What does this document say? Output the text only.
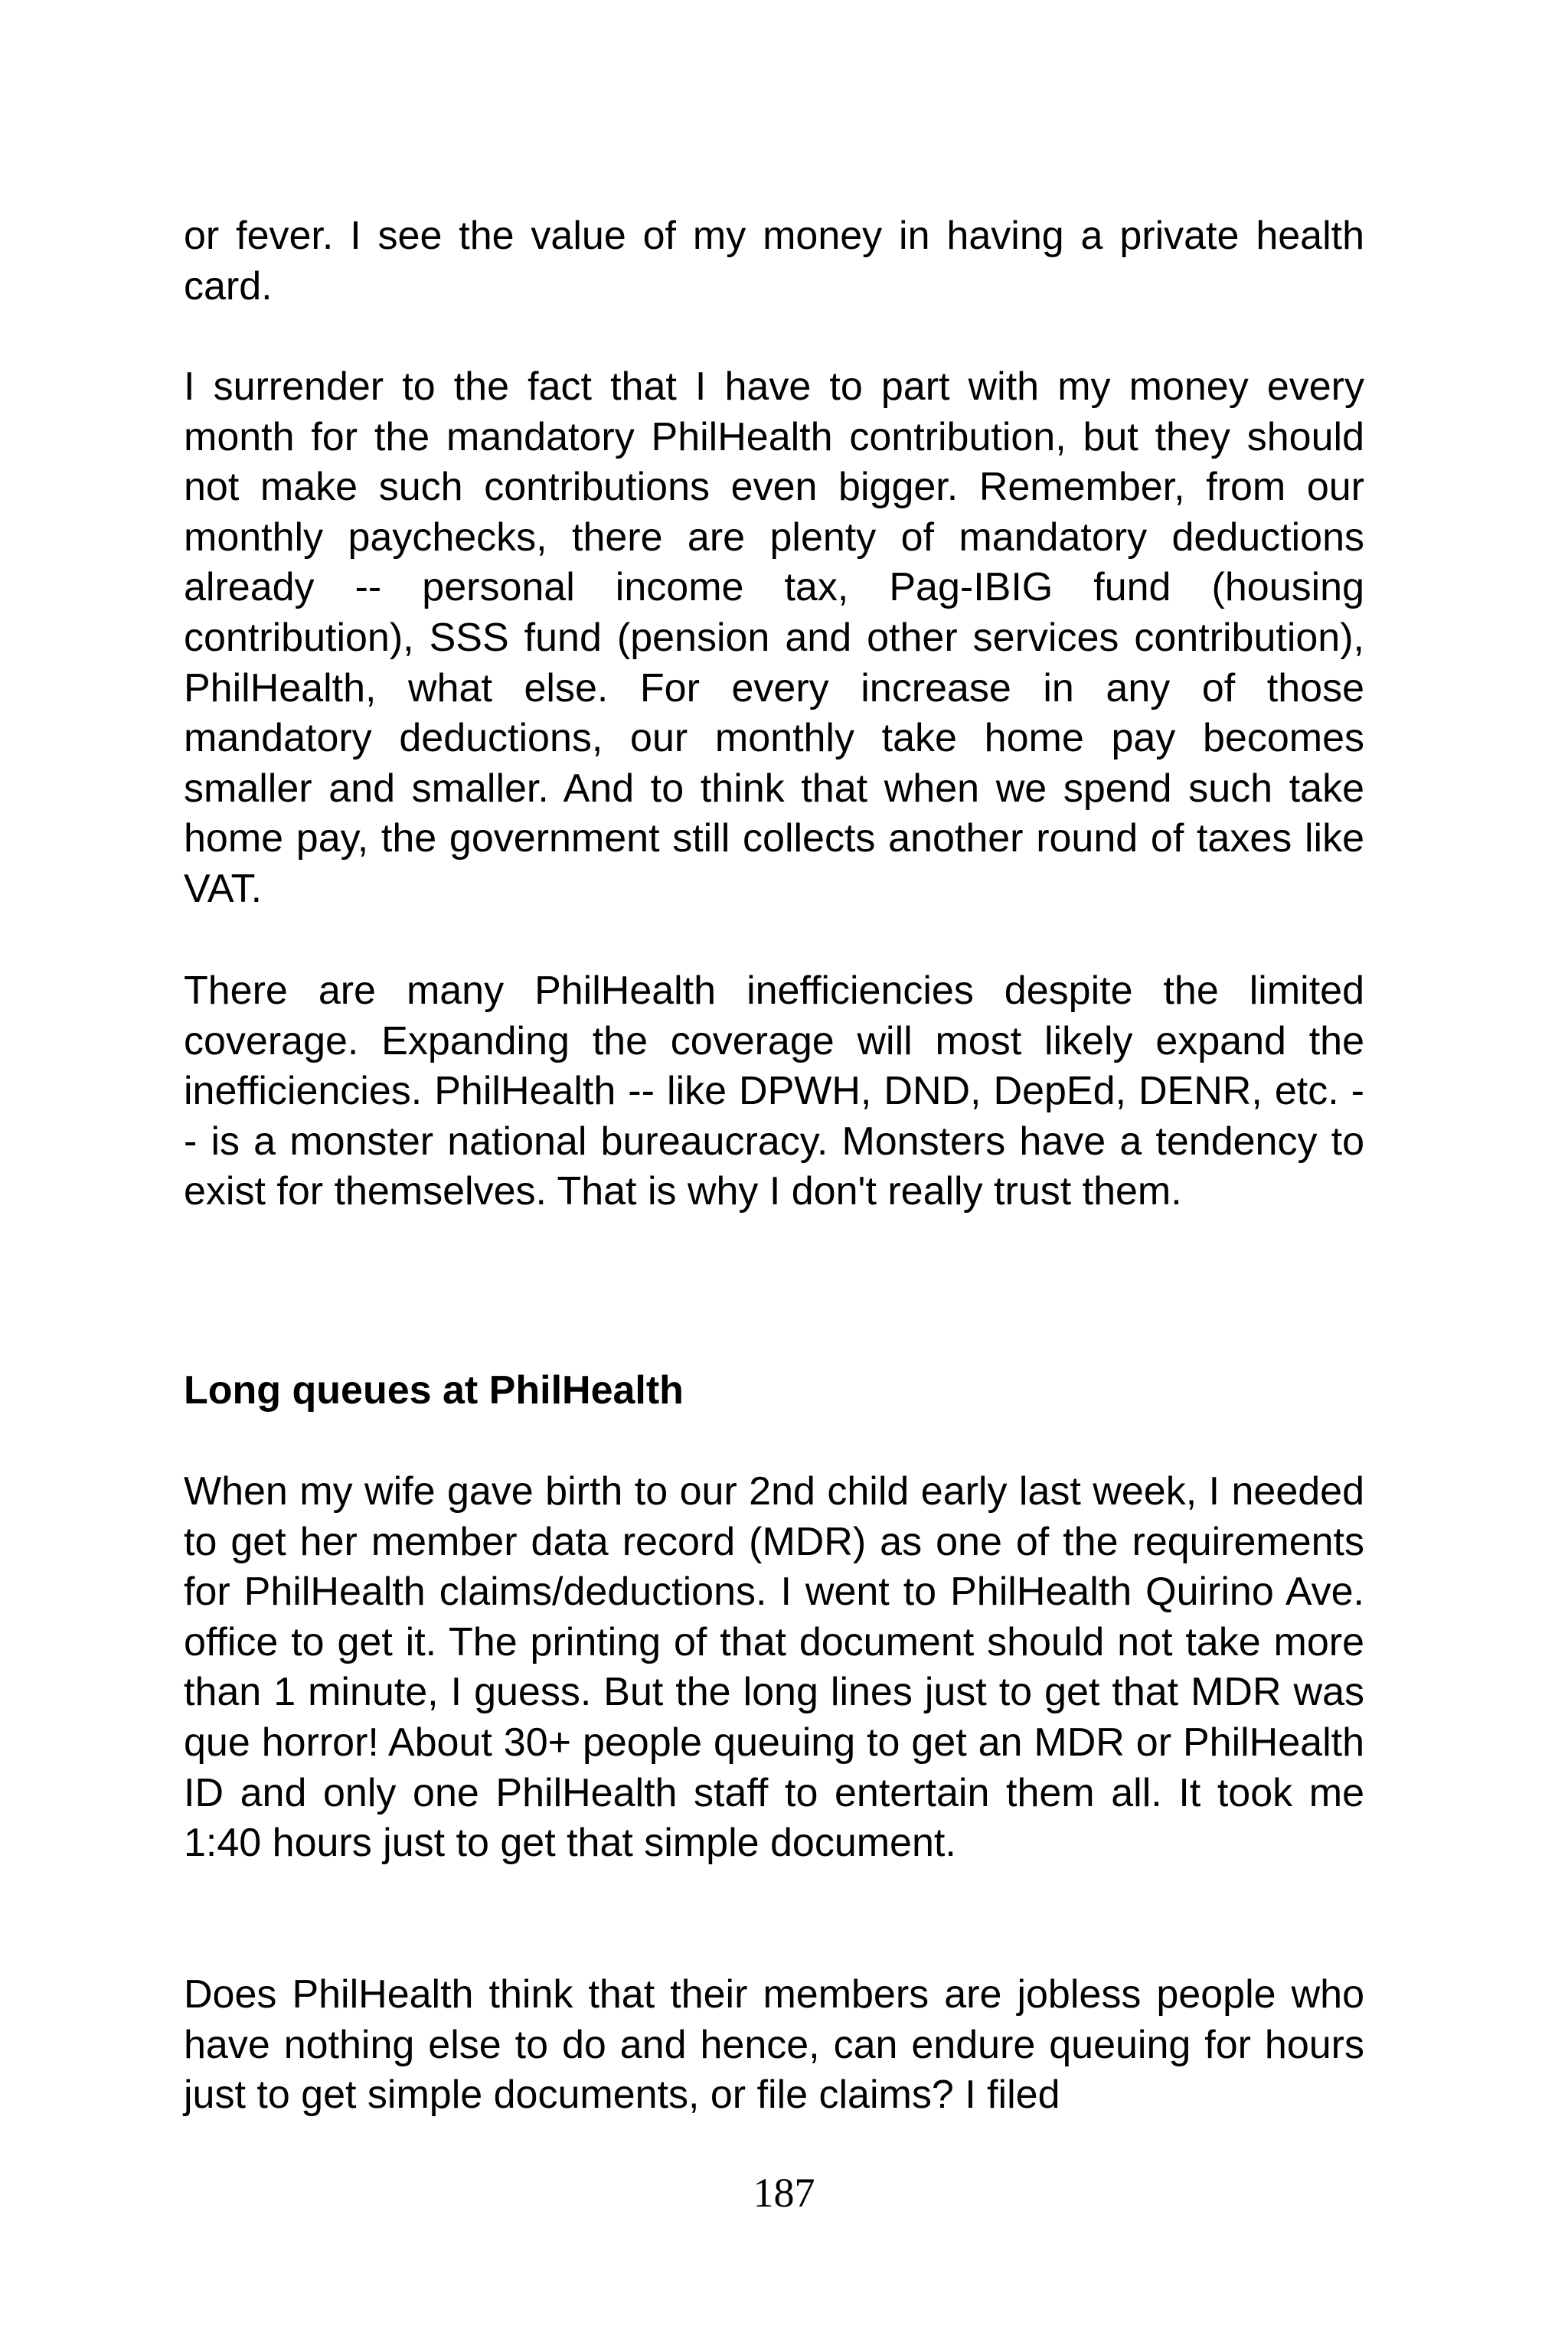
or fever. I see the value of my money in having a private health card.

I surrender to the fact that I have to part with my money every month for the mandatory PhilHealth contribution, but they should not make such contributions even bigger. Remember, from our monthly paychecks, there are plenty of mandatory deductions already -- personal income tax, Pag-IBIG fund (housing contribution), SSS fund (pension and other services contribution), PhilHealth, what else. For every increase in any of those mandatory deductions, our monthly take home pay becomes smaller and smaller. And to think that when we spend such take home pay, the government still collects another round of taxes like VAT.

There are many PhilHealth inefficiencies despite the limited coverage. Expanding the coverage will most likely expand the inefficiencies. PhilHealth -- like DPWH, DND, DepEd, DENR, etc. -- is a monster national bureaucracy. Monsters have a tendency to exist for themselves. That is why I don't really trust them.

Long queues at PhilHealth

When my wife gave birth to our 2nd child early last week, I needed to get her member data record (MDR) as one of the requirements for PhilHealth claims/deductions. I went to PhilHealth Quirino Ave. office to get it. The printing of that document should not take more than 1 minute, I guess. But the long lines just to get that MDR was que horror! About 30+ people queuing to get an MDR or PhilHealth ID and only one PhilHealth staff to entertain them all. It took me 1:40 hours just to get that simple document.

Does PhilHealth think that their members are jobless people who have nothing else to do and hence, can endure queuing for hours just to get simple documents, or file claims? I filed

187
